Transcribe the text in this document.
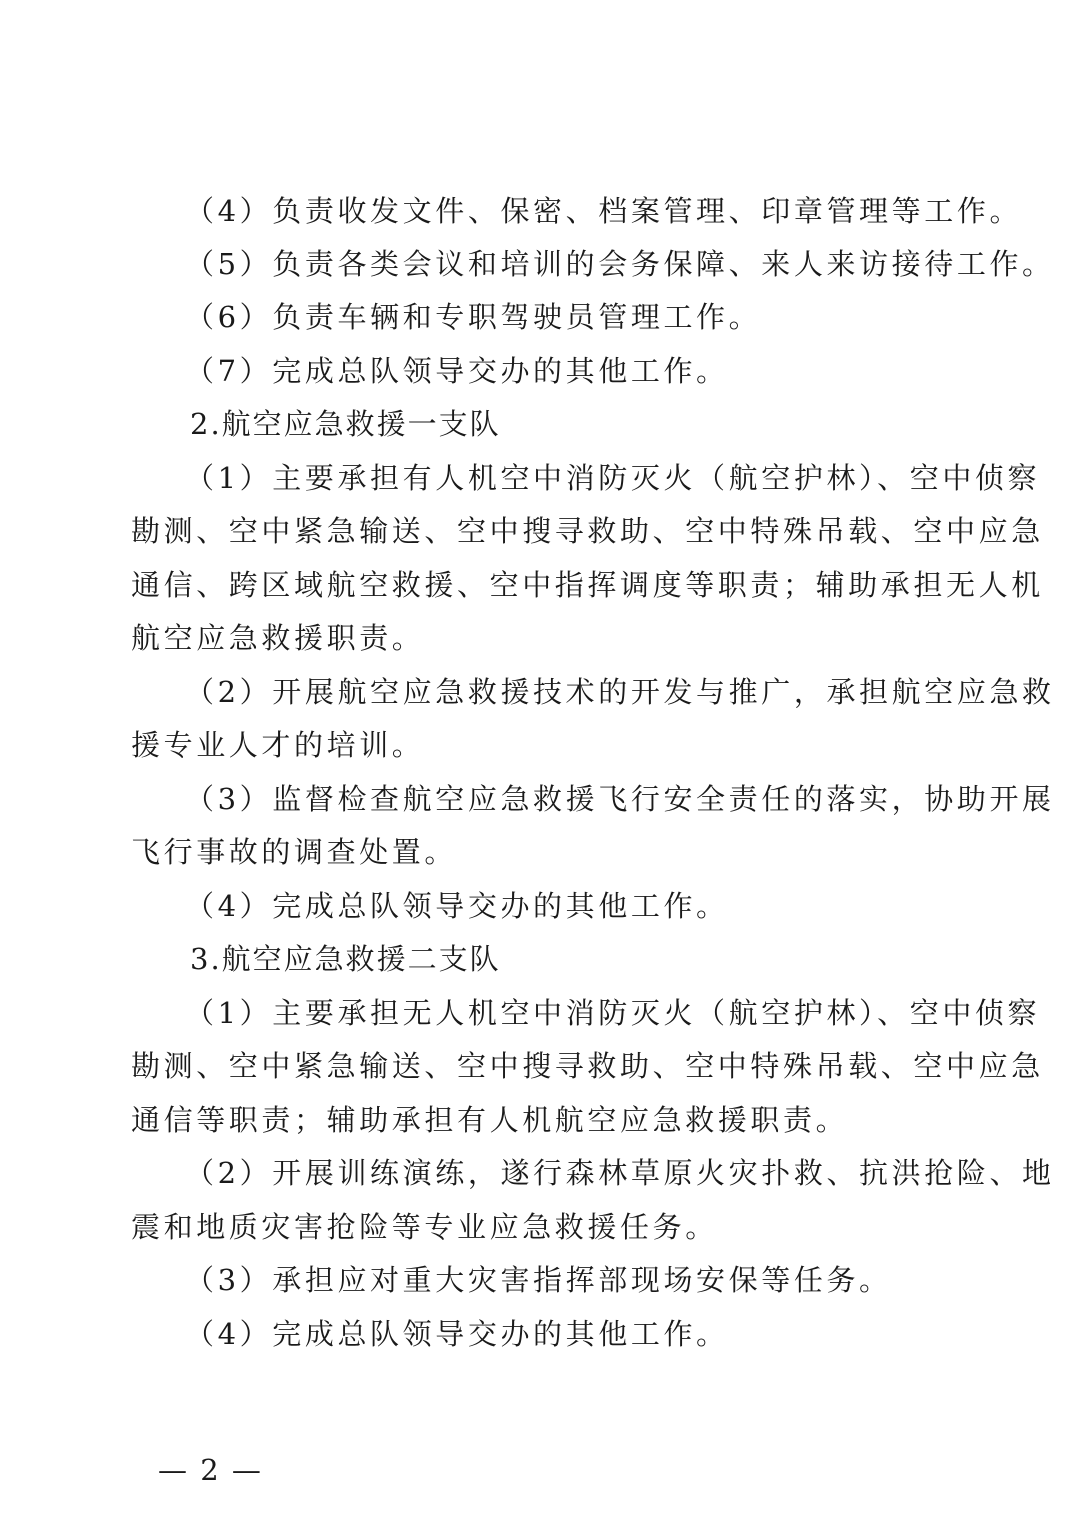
（4）负责收发文件、保密、档案管理、印章管理等工作。
（5）负责各类会议和培训的会务保障、来人来访接待工作。
（6）负责车辆和专职驾驶员管理工作。
（7）完成总队领导交办的其他工作。
2.航空应急救援一支队
（1）主要承担有人机空中消防灭火（航空护林）、空中侦察
勘测、空中紧急输送、空中搜寻救助、空中特殊吊载、空中应急
通信、跨区域航空救援、空中指挥调度等职责；辅助承担无人机
航空应急救援职责。
（2）开展航空应急救援技术的开发与推广，承担航空应急救
援专业人才的培训。
（3）监督检查航空应急救援飞行安全责任的落实，协助开展
飞行事故的调查处置。
（4）完成总队领导交办的其他工作。
3.航空应急救援二支队
（1）主要承担无人机空中消防灭火（航空护林）、空中侦察
勘测、空中紧急输送、空中搜寻救助、空中特殊吊载、空中应急
通信等职责；辅助承担有人机航空应急救援职责。
（2）开展训练演练，遂行森林草原火灾扑救、抗洪抢险、地
震和地质灾害抢险等专业应急救援任务。
（3）承担应对重大灾害指挥部现场安保等任务。
（4）完成总队领导交办的其他工作。
— 2 —
